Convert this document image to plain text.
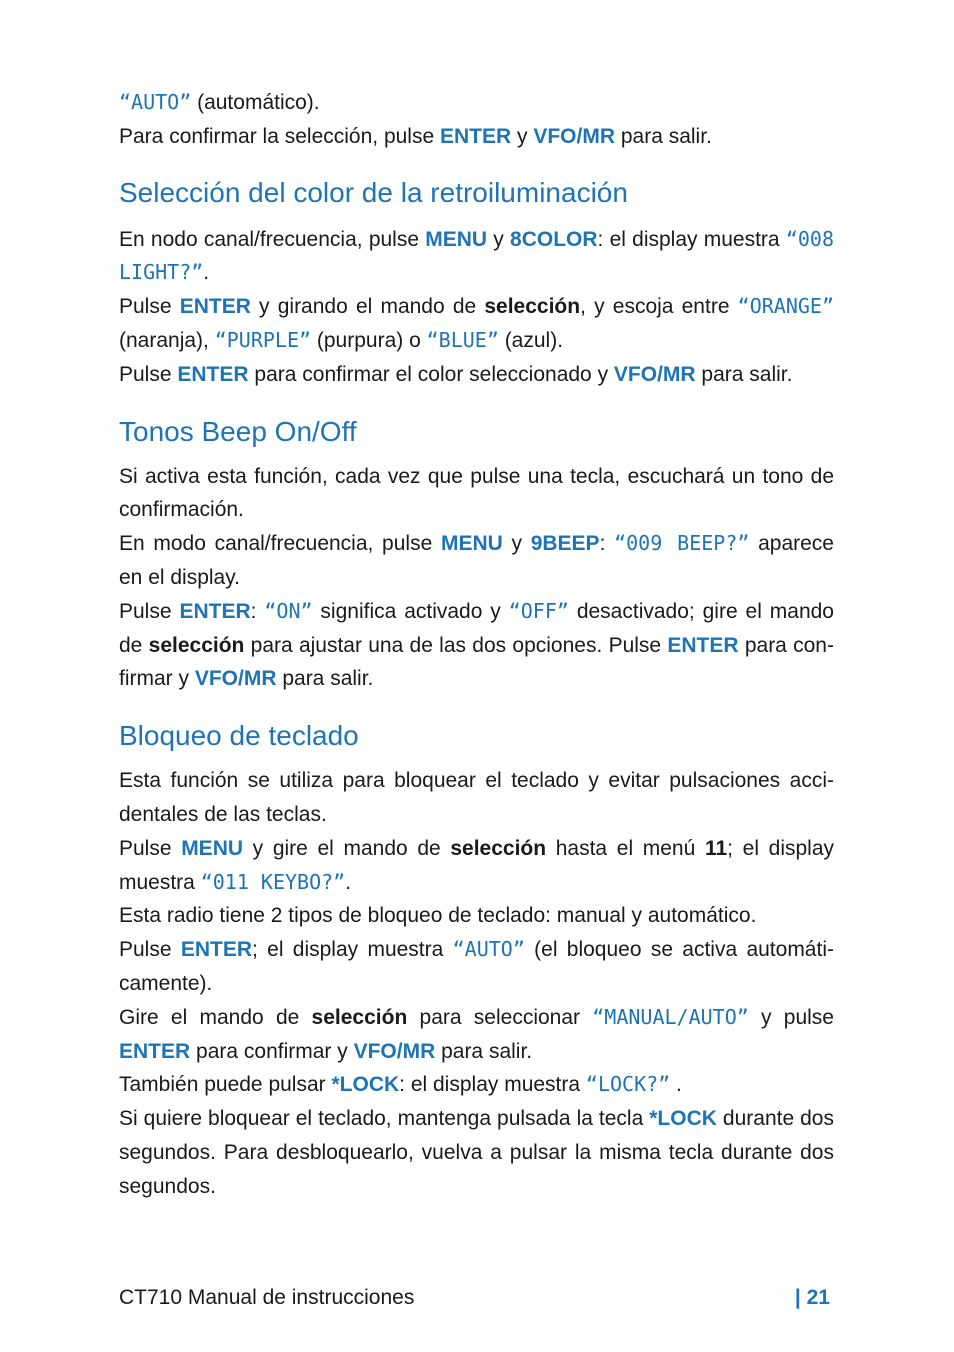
“AUTO” (automático).

Para confirmar la selección, pulse ENTER y VFO/MR para salir.

Selección del color de la retroiluminación

En nodo canal/frecuencia, pulse MENU y 8COLOR: el display muestra “008 LIGHT?”.

Pulse ENTER y girando el mando de selección, y escoja entre “ORANGE” (naranja), “PURPLE” (purpura) o “BLUE” (azul).

Pulse ENTER para confirmar el color seleccionado y VFO/MR para salir.

Tonos Beep On/Off

Si activa esta función, cada vez que pulse una tecla, escuchará un tono de confirmación.

En modo canal/frecuencia, pulse MENU y 9BEEP: “009 BEEP?” aparece en el display.

Pulse ENTER: “ON” significa activado y “OFF” desactivado; gire el mando de selección para ajustar una de las dos opciones. Pulse ENTER para confirmar y VFO/MR para salir.

Bloqueo de teclado

Esta función se utiliza para bloquear el teclado y evitar pulsaciones accidentales de las teclas.

Pulse MENU y gire el mando de selección hasta el menú 11; el display muestra “011 KEYBO?”.

Esta radio tiene 2 tipos de bloqueo de teclado: manual y automático.

Pulse ENTER; el display muestra “AUTO” (el bloqueo se activa automáticamente).

Gire el mando de selección para seleccionar “MANUAL/AUTO” y pulse ENTER para confirmar y VFO/MR para salir.

También puede pulsar *LOCK: el display muestra “LOCK?” .

Si quiere bloquear el teclado, mantenga pulsada la tecla *LOCK durante dos segundos. Para desbloquearlo, vuelva a pulsar la misma tecla durante dos segundos.

CT710 Manual de instrucciones	| 21
